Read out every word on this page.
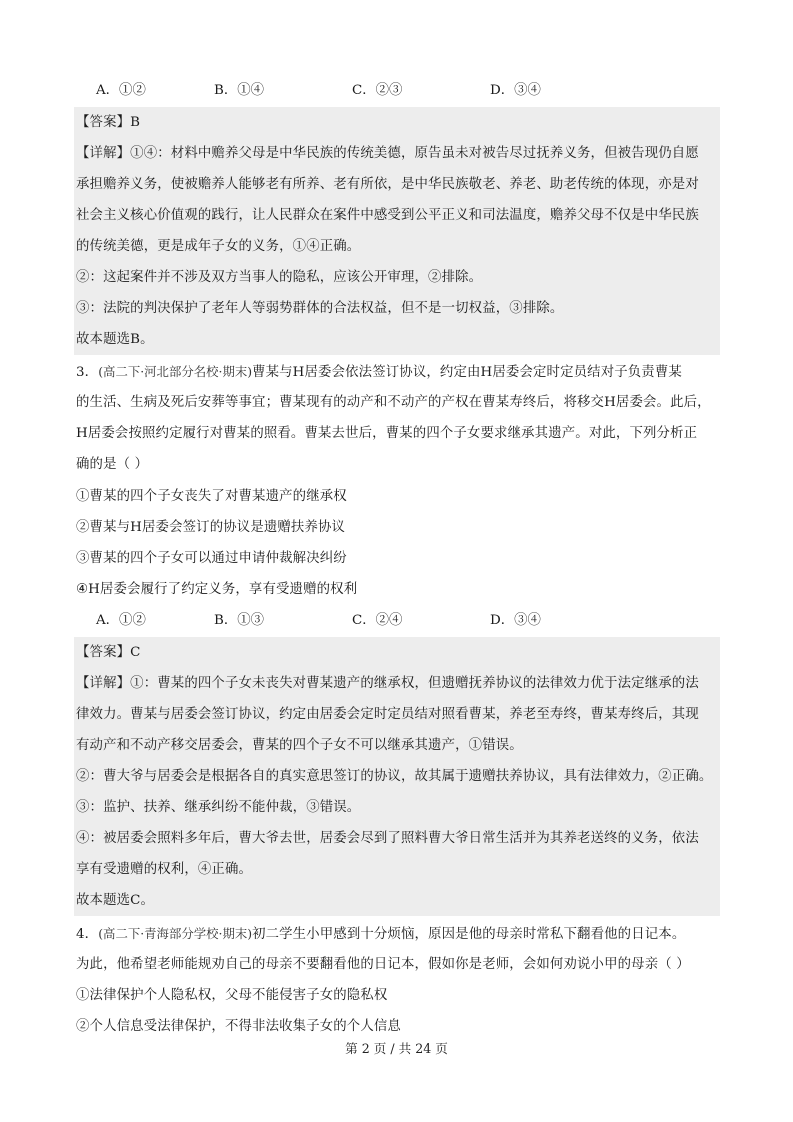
A．①②	B．①④	C．②③	D．③④
【答案】B
【详解】①④：材料中赡养父母是中华民族的传统美德，原告虽未对被告尽过抚养义务，但被告现仍自愿
承担赡养义务，使被赡养人能够老有所养、老有所依，是中华民族敬老、养老、助老传统的体现，亦是对
社会主义核心价值观的践行，让人民群众在案件中感受到公平正义和司法温度，赡养父母不仅是中华民族
的传统美德，更是成年子女的义务，①④正确。
②：这起案件并不涉及双方当事人的隐私，应该公开审理，②排除。
③：法院的判决保护了老年人等弱势群体的合法权益，但不是一切权益，③排除。
故本题选B。
3．(高二下·河北部分名校·期末)曹某与H居委会依法签订协议，约定由H居委会定时定员结对子负责曹某
的生活、生病及死后安葬等事宜；曹某现有的动产和不动产的产权在曹某寿终后，将移交H居委会。此后，
H居委会按照约定履行对曹某的照看。曹某去世后，曹某的四个子女要求继承其遗产。对此，下列分析正
确的是（ ）
①曹某的四个子女丧失了对曹某遗产的继承权
②曹某与H居委会签订的协议是遗赠扶养协议
③曹某的四个子女可以通过申请仲裁解决纠纷
④H居委会履行了约定义务，享有受遗赠的权利
A．①②	B．①③	C．②④	D．③④
【答案】C
【详解】①：曹某的四个子女未丧失对曹某遗产的继承权，但遗赠抚养协议的法律效力优于法定继承的法
律效力。曹某与居委会签订协议，约定由居委会定时定员结对照看曹某，养老至寿终，曹某寿终后，其现
有动产和不动产移交居委会，曹某的四个子女不可以继承其遗产，①错误。
②：曹大爷与居委会是根据各自的真实意思签订的协议，故其属于遗赠扶养协议，具有法律效力，②正确。
③：监护、扶养、继承纠纷不能仲裁，③错误。
④：被居委会照料多年后，曹大爷去世，居委会尽到了照料曹大爷日常生活并为其养老送终的义务，依法
享有受遗赠的权利，④正确。
故本题选C。
4．(高二下·青海部分学校·期末)初二学生小甲感到十分烦恼，原因是他的母亲时常私下翻看他的日记本。
为此，他希望老师能规劝自己的母亲不要翻看他的日记本，假如你是老师，会如何劝说小甲的母亲（ ）
①法律保护个人隐私权，父母不能侵害子女的隐私权
②个人信息受法律保护，不得非法收集子女的个人信息
第 2 页 / 共 24 页
